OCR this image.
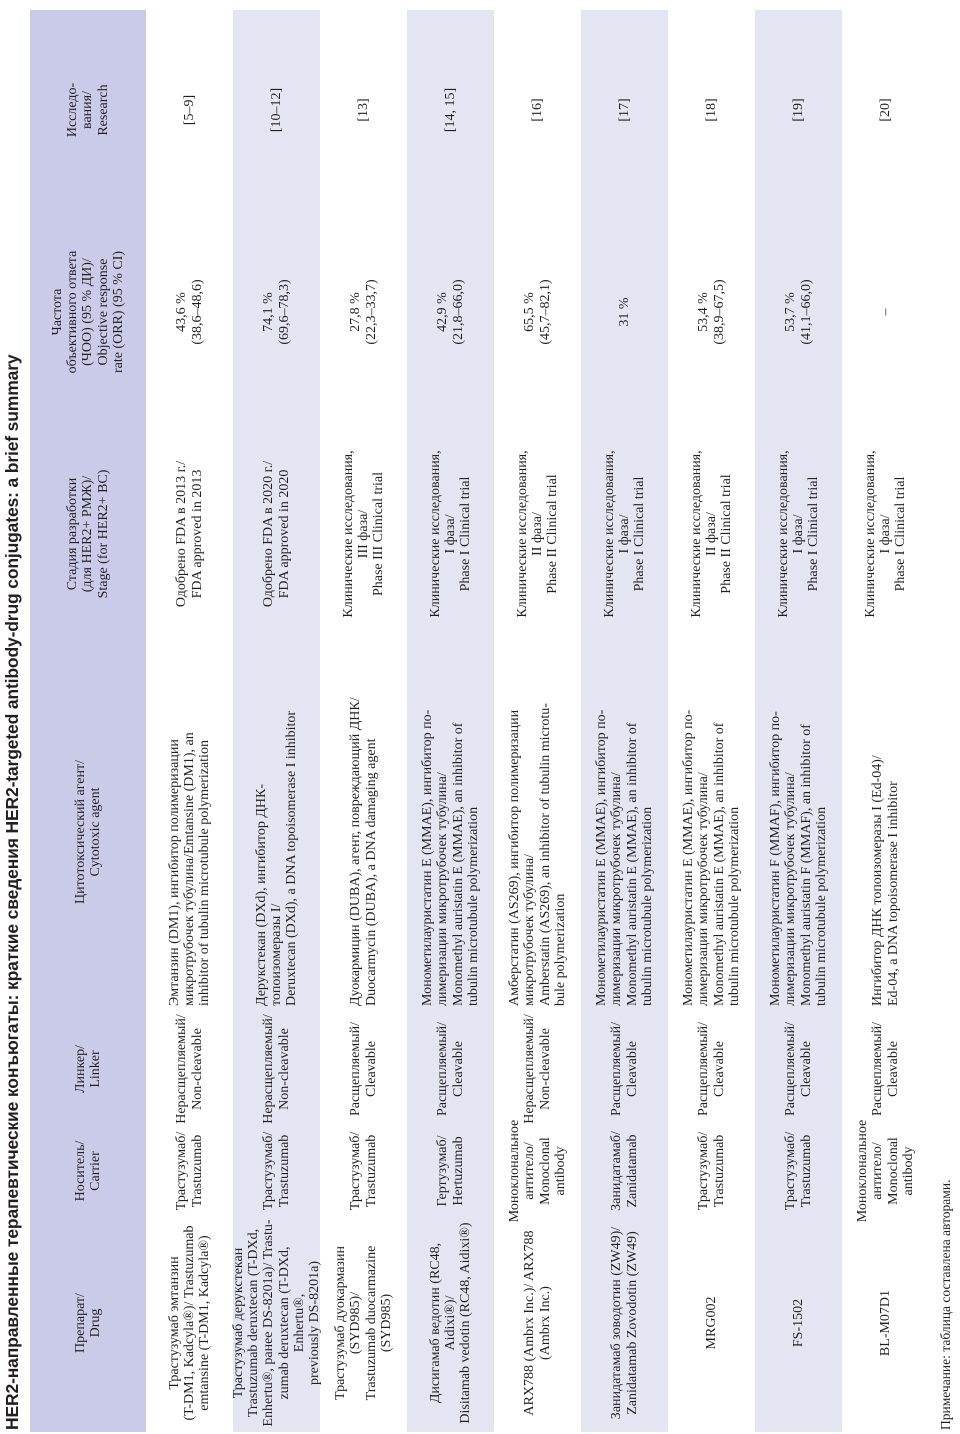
HER2-направленные терапевтические конъюгаты: краткие сведения HER2-targeted antibody-drug conjugates: a brief summary	Препарат/
Drug
Носитель/
Carrier
Линкер/
Linker
Цитотоксический агент/
Cytotoxic agent
Стадия разработки
(для HER2+ РМЖ)/
Stage (for HER2+ BC)
Частота
объективного ответа
(ЧОО) (95 % ДИ)/
Objective response
rate (ORR) (95 % CI)
Исследо-
вания/
Research
Трастузумаб эмтанзин
(T-DM1, Kadcyla®)/ Trastuzumab
emtansine (T-DM1, Kadcyla®)
Трастузумаб/
Trastuzumab
Нерасщепляемый/
Non-cleavable
Эмтанзин (DM1), ингибитор полимеризации
микротрубочек тубулина/Emtansine (DM1), an
inhibitor of tubulin microtubule polymerization
Одобрено FDA в 2013 г./
FDA approved in 2013
43,6 %
(38,6–48,6)
[5–9]
Трастузумаб дерукстекан
Trastuzumab deruxtecan (T-DXd,
Enhertu®, ранее DS-8201a)/ Trastu-
zumab deruxtecan (T-DXd, Enhertu®,
previously DS-8201a)
Трастузумаб/
Trastuzumab
Нерасщепляемый/
Non-cleavable
Дерукстекан (DXd), ингибитор ДНК-
топоизомеразы I/
Deruxtecan (DXd), a DNA topoisomerase I inhibitor
Одобрено FDA в 2020 г./
FDA approved in 2020
74,1 %
(69,6–78,3)
[10–12]
Трастузумаб дуокармазин (SYD985)/
Trastuzumab duocarmazine (SYD985)
Трастузумаб/
Trastuzumab
Расщепляемый/
Cleavable
Дуокармицин (DUBA), агент, повреждающий ДНК/
Duocarmycin (DUBA), a DNA damaging agent
Клинические исследования,
III фаза/
Phase III Clinical trial
27,8 %
(22,3–33,7)
[13]
Дисигамаб ведотин (RC48, Aidixi®)/
Disitamab vedotin (RC48, Aidixi®)
Гертузумаб/
Hertuzumab
Расщепляемый/
Cleavable
Монометилауристатин Е (MMAE), ингибитор по-
лимеризации микротрубочек тубулина/
Monomethyl auristatin E (MMAE), an inhibitor of
tubulin microtubule polymerization
Клинические исследования,
I фаза/
Phase I Clinical trial
42,9 %
(21,8–66,0)
[14, 15]
ARX788 (Ambrx Inc.)/ ARX788
(Ambrx Inc.)
Моноклональное
антитело/
Monoclonal
antibody
Нерасщепляемый/
Non-cleavable
Амберстатин (AS269), ингибитор полимеризации
микротрубочек тубулина/
Amberstatin (AS269), an inhibitor of tubulin microtu-
bule polymerization
Клинические исследования,
II фаза/
Phase II Clinical trial
65,5 %
(45,7–82,1)
[16]
Занидатамаб зоводотин (ZW49)/
Zanidatamab Zovodotin (ZW49)
Занидатамаб/
Zanidatamab
Расщепляемый/
Cleavable
Монометилауристатин Е (MMAE), ингибитор по-
лимеризации микротрубочек тубулина/
Monomethyl auristatin E (MMAE), an inhibitor of
tubulin microtubule polymerization
Клинические исследования,
I фаза/
Phase I Clinical trial
31 %
[17]
MRG002
Трастузумаб/
Trastuzumab
Расщепляемый/
Cleavable
Монометилауристатин Е (MMAE), ингибитор по-
лимеризации микротрубочек тубулина/
Monomethyl auristatin E (MMAE), an inhibitor of
tubulin microtubule polymerization
Клинические исследования,
II фаза/
Phase II Clinical trial
53,4 %
(38,9–67,5)
[18]
FS-1502
Трастузумаб/
Trastuzumab
Расщепляемый/
Cleavable
Монометилауристатин F (MMAF), ингибитор по-
лимеризации микротрубочек тубулина/
Monomethyl auristatin F (MMAF), an inhibitor of
tubulin microtubule polymerization
Клинические исследования,
I фаза/
Phase I Clinical trial
53,7 %
(41,1–66,0)
[19]
BL-M07D1
Моноклональное
антитело/
Monoclonal
antibody
Расщепляемый/
Cleavable
Ингибитор ДНК топоизомеразы I (Ed-04)/
Ed-04, a DNA topoisomerase I inhibitor
Клинические исследования,
I фаза/
Phase I Clinical trial
–
[20]
Примечание: таблица составлена авторами.
